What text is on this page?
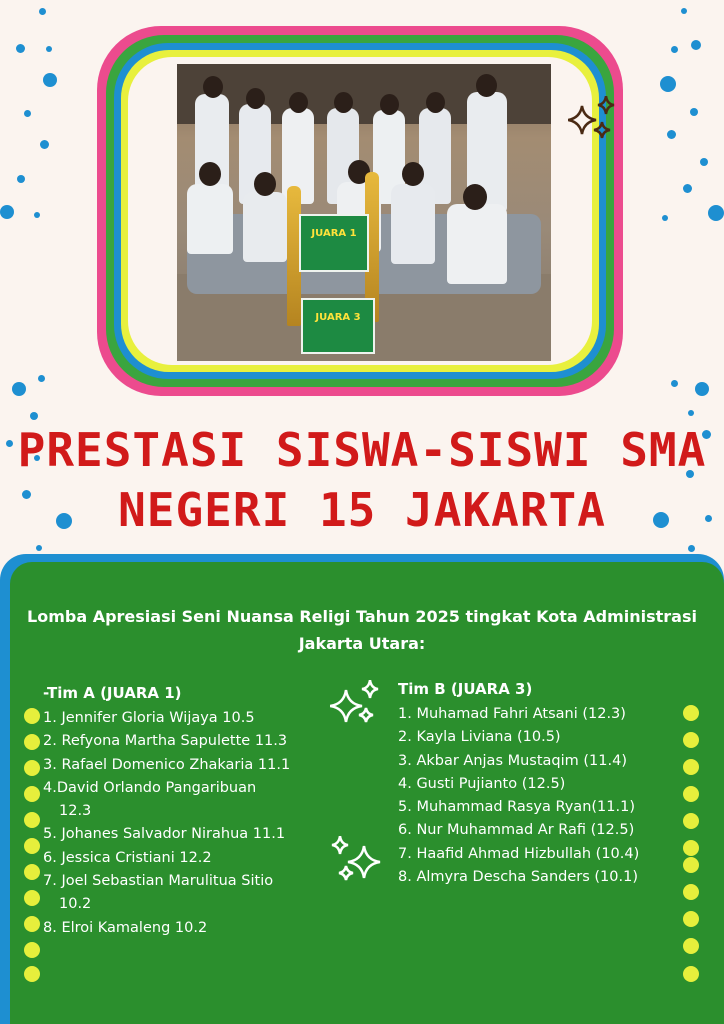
JUARA 1
JUARA 3
PRESTASI SISWA-SISWI SMA
NEGERI 15 JAKARTA
Lomba Apresiasi Seni Nuansa Religi Tahun 2025 tingkat Kota Administrasi
Jakarta Utara:
-Tim A (JUARA 1)
1. Jennifer Gloria Wijaya 10.5
2. Refyona Martha Sapulette 11.3
3. Rafael Domenico Zhakaria 11.1
4.David Orlando Pangaribuan
12.3
5. Johanes Salvador Nirahua 11.1
6. Jessica Cristiani 12.2
7. Joel Sebastian Marulitua Sitio
10.2
8. Elroi Kamaleng 10.2
Tim B (JUARA 3)
1. Muhamad Fahri Atsani (12.3)
2. Kayla Liviana (10.5)
3. Akbar Anjas Mustaqim (11.4)
4. Gusti Pujianto (12.5)
5. Muhammad Rasya Ryan(11.1)
6. Nur Muhammad Ar Rafi (12.5)
7. Haafid Ahmad Hizbullah (10.4)
8. Almyra Descha Sanders (10.1)
